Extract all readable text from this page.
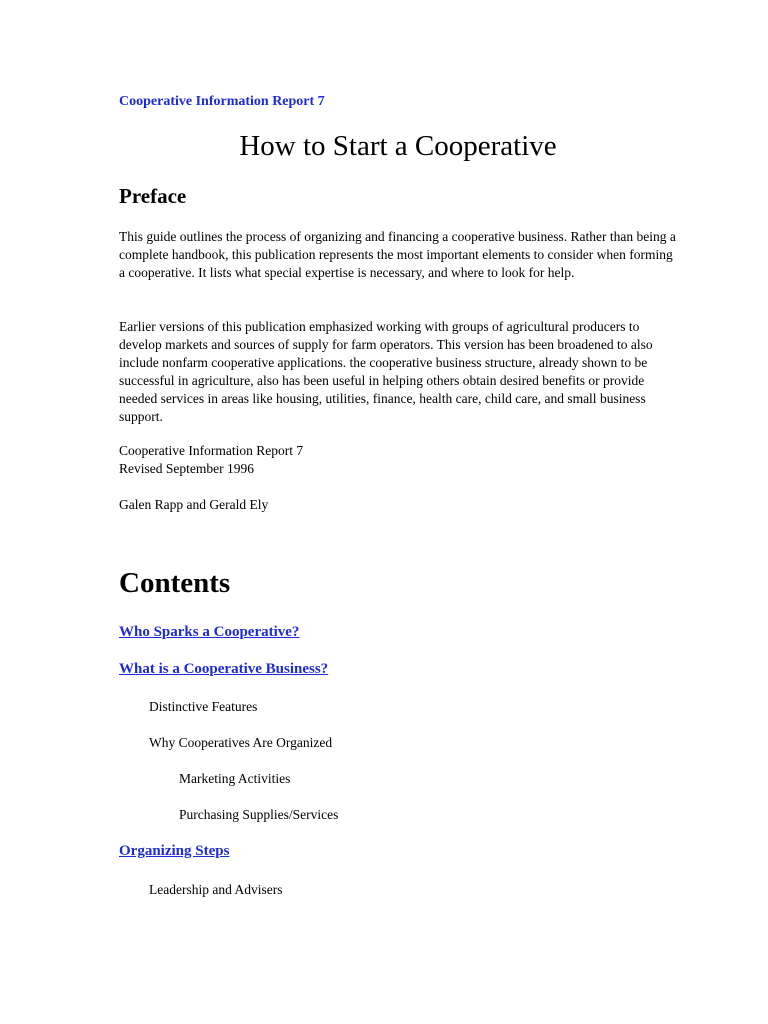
Cooperative Information Report 7
How to Start a Cooperative
Preface

This guide outlines the process of organizing and financing a cooperative business. Rather than being a complete handbook, this publication represents the most important elements to consider when forming a cooperative. It lists what special expertise is necessary, and where to look for help.

Earlier versions of this publication emphasized working with groups of agricultural producers to develop markets and sources of supply for farm operators. This version has been broadened to also include nonfarm cooperative applications. the cooperative business structure, already shown to be successful in agriculture, also has been useful in helping others obtain desired benefits or provide needed services in areas like housing, utilities, finance, health care, child care, and small business support.

Cooperative Information Report 7

Revised September 1996

Galen Rapp and Gerald Ely

Contents
Who Sparks a Cooperative?
What is a Cooperative Business?
Distinctive Features
Why Cooperatives Are Organized
Marketing Activities
Purchasing Supplies/Services
Organizing Steps
Leadership and Advisers
